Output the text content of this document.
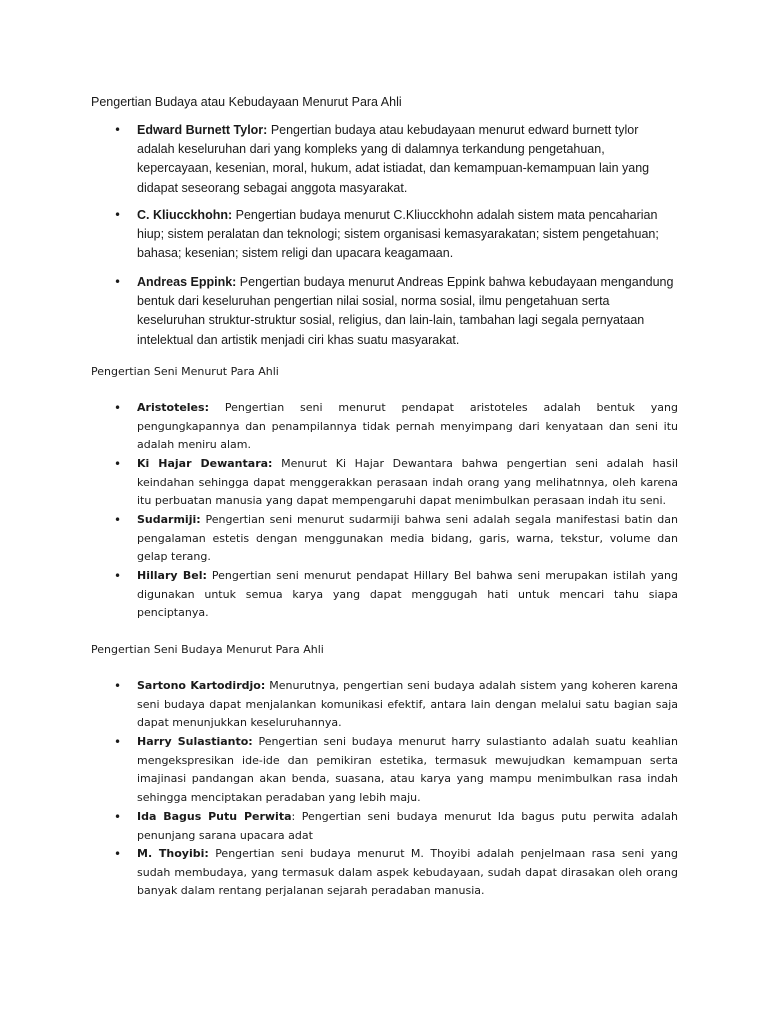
Pengertian Budaya atau Kebudayaan Menurut Para Ahli
• Edward Burnett Tylor: Pengertian budaya atau kebudayaan menurut edward burnett tylor adalah keseluruhan dari yang kompleks yang di dalamnya terkandung pengetahuan, kepercayaan, kesenian, moral, hukum, adat istiadat, dan kemampuan-kemampuan lain yang didapat seseorang sebagai anggota masyarakat.
• C. Kliucckhohn: Pengertian budaya menurut C.Kliucckhohn adalah sistem mata pencaharian hiup; sistem peralatan dan teknologi; sistem organisasi kemasyarakatan; sistem pengetahuan; bahasa; kesenian; sistem religi dan upacara keagamaan.
• Andreas Eppink: Pengertian budaya menurut Andreas Eppink bahwa kebudayaan mengandung bentuk dari keseluruhan pengertian nilai sosial, norma sosial, ilmu pengetahuan serta keseluruhan struktur-struktur sosial, religius, dan lain-lain, tambahan lagi segala pernyataan intelektual dan artistik menjadi ciri khas suatu masyarakat.
Pengertian Seni Menurut Para Ahli
• Aristoteles: Pengertian seni menurut pendapat aristoteles adalah bentuk yang pengungkapannya dan penampilannya tidak pernah menyimpang dari kenyataan dan seni itu adalah meniru alam.
• Ki Hajar Dewantara: Menurut Ki Hajar Dewantara bahwa pengertian seni adalah hasil keindahan sehingga dapat menggerakkan perasaan indah orang yang melihatnnya, oleh karena itu perbuatan manusia yang dapat mempengaruhi dapat menimbulkan perasaan indah itu seni.
• Sudarmiji: Pengertian seni menurut sudarmiji bahwa seni adalah segala manifestasi batin dan pengalaman estetis dengan menggunakan media bidang, garis, warna, tekstur, volume dan gelap terang.
• Hillary Bel: Pengertian seni menurut pendapat Hillary Bel bahwa seni merupakan istilah yang digunakan untuk semua karya yang dapat menggugah hati untuk mencari tahu siapa penciptanya.
Pengertian Seni Budaya Menurut Para Ahli
• Sartono Kartodirdjo: Menurutnya, pengertian seni budaya adalah sistem yang koheren karena seni budaya dapat menjalankan komunikasi efektif, antara lain dengan melalui satu bagian saja dapat menunjukkan keseluruhannya.
• Harry Sulastianto: Pengertian seni budaya menurut harry sulastianto adalah suatu keahlian mengekspresikan ide-ide dan pemikiran estetika, termasuk mewujudkan kemampuan serta imajinasi pandangan akan benda, suasana, atau karya yang mampu menimbulkan rasa indah sehingga menciptakan peradaban yang lebih maju.
• Ida Bagus Putu Perwita: Pengertian seni budaya menurut Ida bagus putu perwita adalah penunjang sarana upacara adat
• M. Thoyibi: Pengertian seni budaya menurut M. Thoyibi adalah penjelmaan rasa seni yang sudah membudaya, yang termasuk dalam aspek kebudayaan, sudah dapat dirasakan oleh orang banyak dalam rentang perjalanan sejarah peradaban manusia.
